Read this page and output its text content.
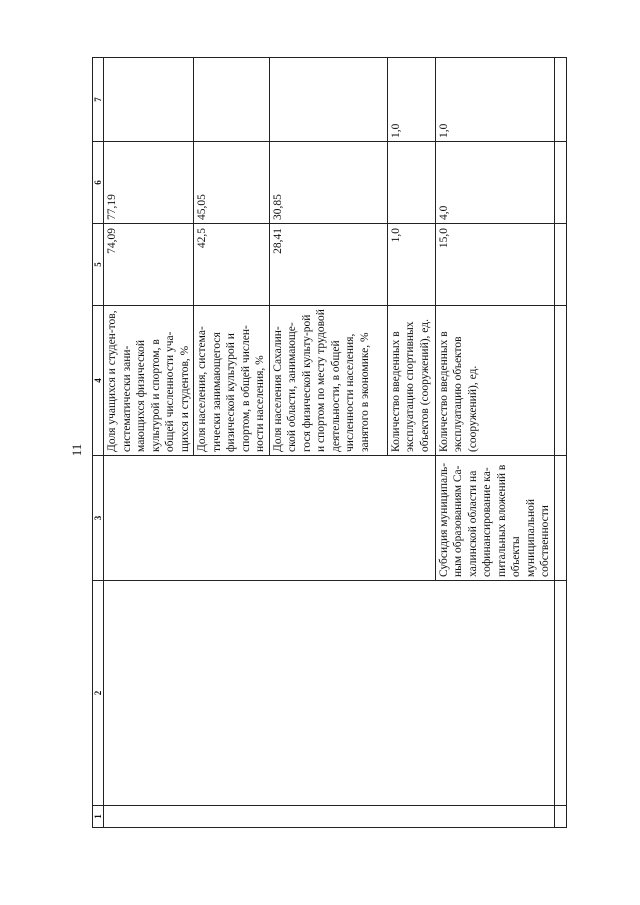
11
1	2	3	4	5	6	7
			Доля учащихся и студен-тов, систематически зани-мающихся физической культурой и спортом, в общей численности уча-щихся и студентов, %	74,09	77,19	
			Доля населения, система-тически занимающегося физической культурой и спортом, в общей числен-ности населения, %	42,5	45,05	
			Доля населения Сахалин-ской области, занимающе-гося физической культу-рой и спортом по месту трудовой деятельности, в общей численности населения, занятого в экономике, %	28,41	30,85	
			Количество введенных в эксплуатацию спортивных объектов (сооружений), ед.	1,0		1,0
		Субсидия муниципаль-ным образованиям Са-халинской области на софинансирование ка-питальных вложений в объекты муниципальной собственности	Количество введенных в эксплуатацию объектов (сооружений), ед.	15,0	4,0	1,0
